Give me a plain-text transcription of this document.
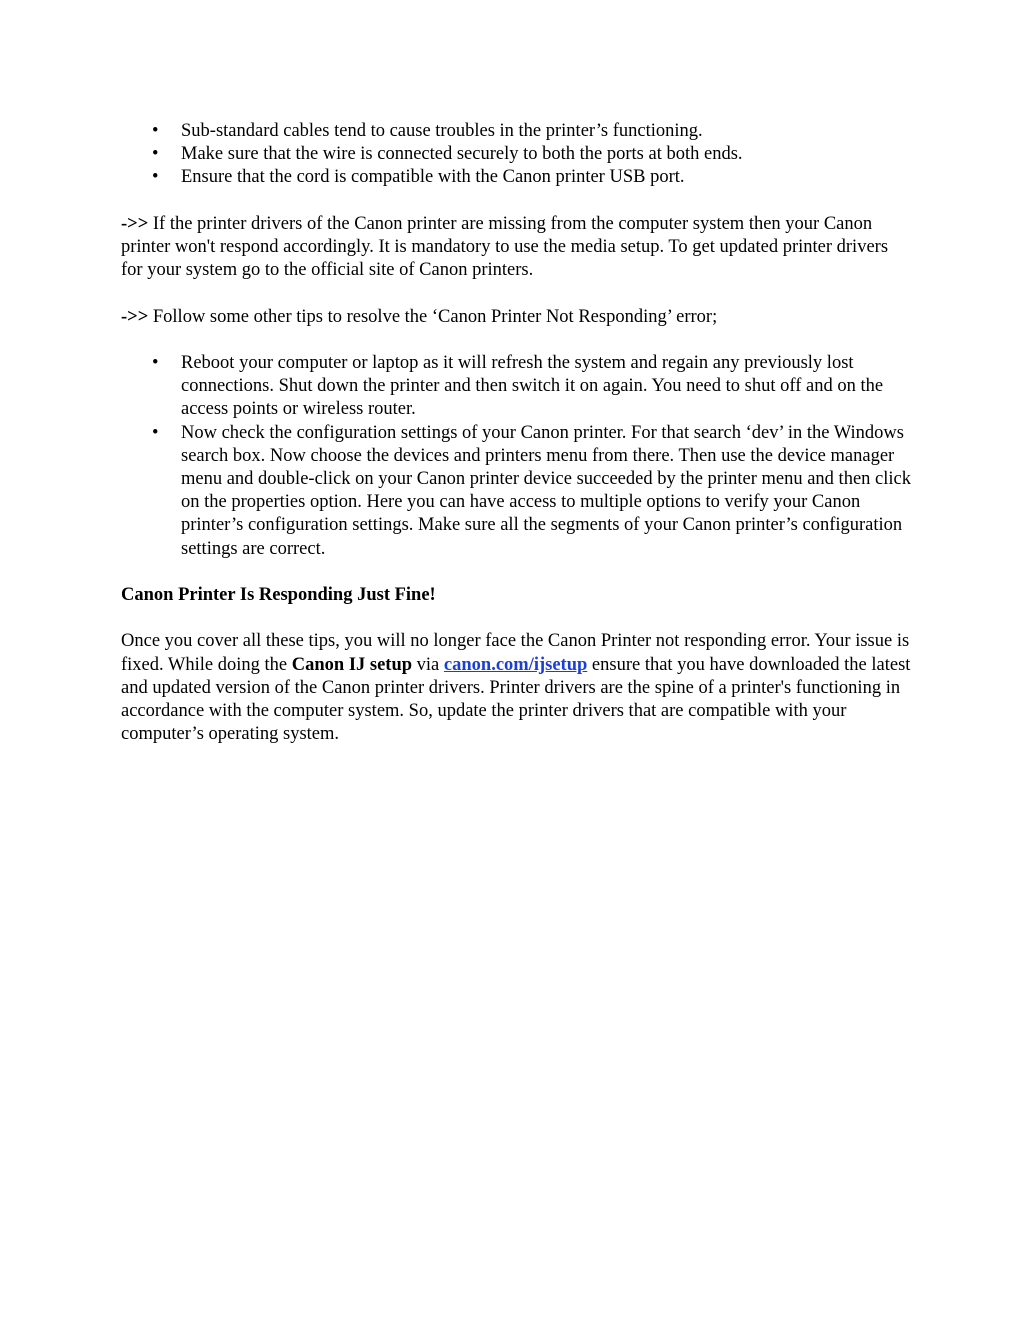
• Sub-standard cables tend to cause troubles in the printer’s functioning.
• Make sure that the wire is connected securely to both the ports at both ends.
• Ensure that the cord is compatible with the Canon printer USB port.

->> If the printer drivers of the Canon printer are missing from the computer system then your Canon printer won't respond accordingly. It is mandatory to use the media setup. To get updated printer drivers for your system go to the official site of Canon printers.

->> Follow some other tips to resolve the ‘Canon Printer Not Responding’ error;

• Reboot your computer or laptop as it will refresh the system and regain any previously lost connections. Shut down the printer and then switch it on again. You need to shut off and on the access points or wireless router.
• Now check the configuration settings of your Canon printer. For that search ‘dev’ in the Windows search box. Now choose the devices and printers menu from there. Then use the device manager menu and double-click on your Canon printer device succeeded by the printer menu and then click on the properties option. Here you can have access to multiple options to verify your Canon printer’s configuration settings. Make sure all the segments of your Canon printer’s configuration settings are correct.

Canon Printer Is Responding Just Fine!

Once you cover all these tips, you will no longer face the Canon Printer not responding error. Your issue is fixed. While doing the Canon IJ setup via canon.com/ijsetup ensure that you have downloaded the latest and updated version of the Canon printer drivers. Printer drivers are the spine of a printer's functioning in accordance with the computer system. So, update the printer drivers that are compatible with your computer’s operating system.
